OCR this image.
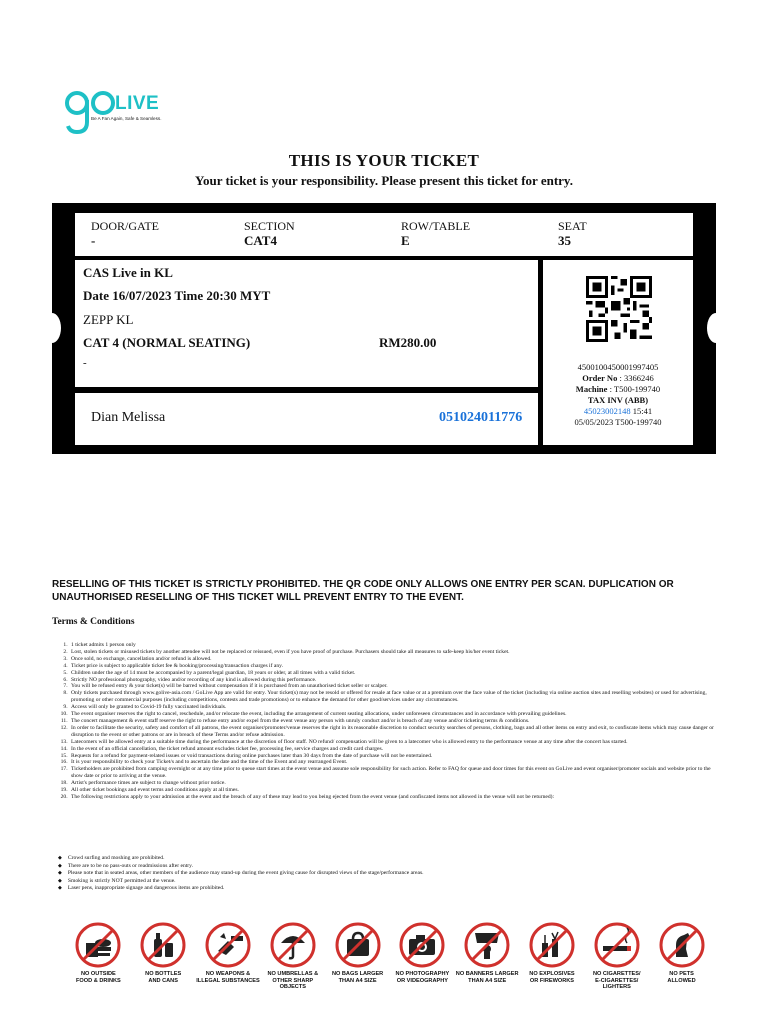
LIVE
Be A Fan Again, Safe & Seamless.
THIS IS YOUR TICKET
Your ticket is your responsibility. Please present this ticket for entry.
DOOR/GATE
-
SECTION
CAT4
ROW/TABLE
E
SEAT
35
CAS Live in KL
Date 16/07/2023 Time 20:30 MYT
ZEPP KL
CAT 4 (NORMAL SEATING)	RM280.00
-
Dian Melissa	051024011776
4500100450001997405
Order No : 3366246
Machine : T500-199740
TAX INV (ABB)
45023002148 15:41
05/05/2023 T500-199740
RESELLING OF THIS TICKET IS STRICTLY PROHIBITED. THE QR CODE ONLY ALLOWS ONE ENTRY PER SCAN. DUPLICATION OR UNAUTHORISED RESELLING OF THIS TICKET WILL PREVENT ENTRY TO THE EVENT.
Terms & Conditions
1. 1 ticket admits 1 person only
2. Lost, stolen tickets or misused tickets by another attendee will not be replaced or reissued, even if you have proof of purchase. Purchasers should take all measures to safe-keep his/her event ticket.
3. Once sold, no exchange, cancellation and/or refund is allowed.
4. Ticket price is subject to applicable ticket fee & booking/processing/transaction charges if any.
5. Children under the age of 14 must be accompanied by a parent/legal guardian, 18 years or older, at all times with a valid ticket.
6. Strictly NO professional photography, video and/or recording of any kind is allowed during this performance.
7. You will be refused entry & your ticket(s) will be barred without compensation if it is purchased from an unauthorised ticket seller or scalper.
8. Only tickets purchased through www.golive-asia.com / GoLive App are valid for entry. Your ticket(s) may not be resold or offered for resale at face value or at a premium over the face value of the ticket (including via online auction sites and reselling websites) or used for advertising, promoting or other commercial purposes (including competitions, contests and trade promotions) or to enhance the demand for other good/services under any circumstances.
9. Access will only be granted to Covid-19 fully vaccinated individuals.
10. The event organiser reserves the right to cancel, reschedule, and/or relocate the event, including the arrangement of current seating allocations, under unforeseen circumstances and in accordance with prevailing guidelines.
11. The concert management & event staff reserve the right to refuse entry and/or expel from the event venue any person with unruly conduct and/or is breach of any venue and/or ticketing terms & conditions.
12. In order to facilitate the security, safety and comfort of all patrons, the event organiser/promoter/venue reserves the right in its reasonable discretion to conduct security searches of persons, clothing, bags and all other items on entry and exit, to confiscate items which may cause danger or disruption to the event or other patrons or are in breach of these Terms and/or refuse admission.
13. Latecomers will be allowed entry at a suitable time during the performance at the discretion of floor staff. NO refund/ compensation will be given to a latecomer who is allowed entry to the performance venue at any time after the concert has started.
14. In the event of an official cancellation, the ticket refund amount excludes ticket fee, processing fee, service charges and credit card charges.
15. Requests for a refund for payment-related issues or void transactions during online purchases later than 30 days from the date of purchase will not be entertained.
16. It is your responsibility to check your Ticket/s and to ascertain the date and the time of the Event and any rearranged Event.
17. Ticketholders are prohibited from camping overnight or at any time prior to queue start times at the event venue and assume sole responsibility for such action. Refer to FAQ for queue and door times for this event on GoLive and event organiser/promoter socials and website prior to the show date or prior to arriving at the venue.
18. Artist's performance times are subject to change without prior notice.
19. All other ticket bookings and event terms and conditions apply at all times.
20. The following restrictions apply to your admission at the event and the breach of any of these may lead to you being ejected from the event venue (and confiscated items not allowed in the venue will not be returned):
◆ Crowd surfing and moshing are prohibited.
◆ There are to be no pass-outs or readmissions after entry.
◆ Please note that in seated areas, other members of the audience may stand-up during the event giving cause for disrupted views of the stage/performance areas.
◆ Smoking is strictly NOT permitted at the venue.
◆ Laser pens, inappropriate signage and dangerous items are prohibited.
NO OUTSIDE
FOOD & DRINKS
NO BOTTLES
AND CANS
NO WEAPONS &
ILLEGAL SUBSTANCES
NO UMBRELLAS &
OTHER SHARP OBJECTS
NO BAGS LARGER
THAN A4 SIZE
NO PHOTOGRAPHY
OR VIDEOGRAPHY
NO BANNERS LARGER
THAN A4 SIZE
NO EXPLOSIVES
OR FIREWORKS
NO CIGARETTES/
E-CIGARETTES/
LIGHTERS
NO PETS
ALLOWED
